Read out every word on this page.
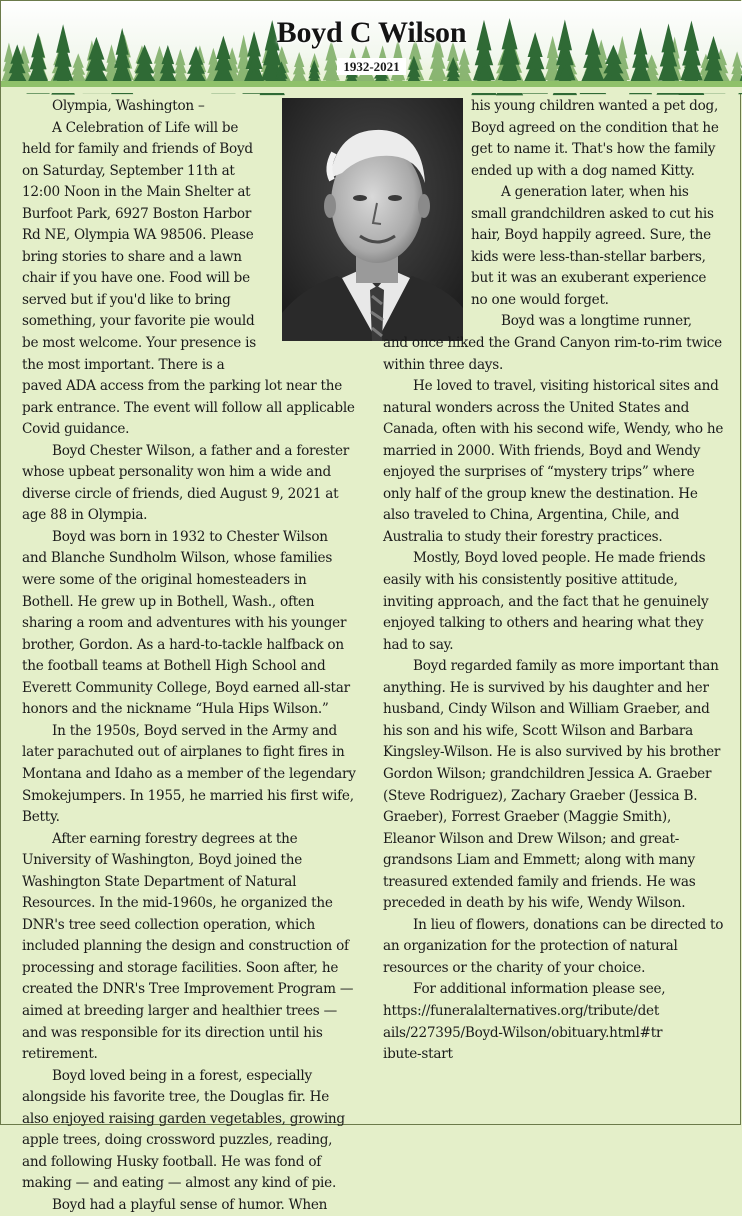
Boyd C Wilson
1932-2021

Olympia, Washington –

A Celebration of Life will be held for family and friends of Boyd on Saturday, September 11th at 12:00 Noon in the Main Shelter at Burfoot Park, 6927 Boston Harbor Rd NE, Olympia WA 98506. Please bring stories to share and a lawn chair if you have one. Food will be served but if you'd like to bring something, your favorite pie would be most welcome. Your presence is the most important. There is a

paved ADA access from the parking lot near the park entrance. The event will follow all applicable Covid guidance.

Boyd Chester Wilson, a father and a forester whose upbeat personality won him a wide and diverse circle of friends, died August 9, 2021 at age 88 in Olympia.

Boyd was born in 1932 to Chester Wilson and Blanche Sundholm Wilson, whose families were some of the original homesteaders in Bothell. He grew up in Bothell, Wash., often sharing a room and adventures with his younger brother, Gordon. As a hard-to-tackle halfback on the football teams at Bothell High School and Everett Community College, Boyd earned all-star honors and the nickname “Hula Hips Wilson.”

In the 1950s, Boyd served in the Army and later parachuted out of airplanes to fight fires in Montana and Idaho as a member of the legendary Smokejumpers. In 1955, he married his first wife, Betty.

After earning forestry degrees at the University of Washington, Boyd joined the Washington State Department of Natural Resources. In the mid-1960s, he organized the DNR's tree seed collection operation, which included planning the design and construction of processing and storage facilities. Soon after, he created the DNR's Tree Improvement Program — aimed at breeding larger and healthier trees — and was responsible for its direction until his retirement.

Boyd loved being in a forest, especially alongside his favorite tree, the Douglas fir. He also enjoyed raising garden vegetables, growing apple trees, doing crossword puzzles, reading, and following Husky football. He was fond of making — and eating — almost any kind of pie.

Boyd had a playful sense of humor. When

his young children wanted a pet dog, Boyd agreed on the condition that he get to name it. That's how the family ended up with a dog named Kitty.

A generation later, when his small grandchildren asked to cut his hair, Boyd happily agreed. Sure, the kids were less-than-stellar barbers, but it was an exuberant experience no one would forget.

Boyd was a longtime runner,

and once hiked the Grand Canyon rim-to-rim twice within three days.

He loved to travel, visiting historical sites and natural wonders across the United States and Canada, often with his second wife, Wendy, who he married in 2000. With friends, Boyd and Wendy enjoyed the surprises of “mystery trips” where only half of the group knew the destination. He also traveled to China, Argentina, Chile, and Australia to study their forestry practices.

Mostly, Boyd loved people. He made friends easily with his consistently positive attitude, inviting approach, and the fact that he genuinely enjoyed talking to others and hearing what they had to say.

Boyd regarded family as more important than anything. He is survived by his daughter and her husband, Cindy Wilson and William Graeber, and his son and his wife, Scott Wilson and Barbara Kingsley-Wilson. He is also survived by his brother Gordon Wilson; grandchildren Jessica A. Graeber (Steve Rodriguez), Zachary Graeber (Jessica B. Graeber), Forrest Graeber (Maggie Smith), Eleanor Wilson and Drew Wilson; and great-grandsons Liam and Emmett; along with many treasured extended family and friends. He was preceded in death by his wife, Wendy Wilson.

In lieu of flowers, donations can be directed to an organization for the protection of natural resources or the charity of your choice.

For additional information please see,

https://funeralalternatives.org/tribute/details/227395/Boyd-Wilson/obituary.html#tribute-start
